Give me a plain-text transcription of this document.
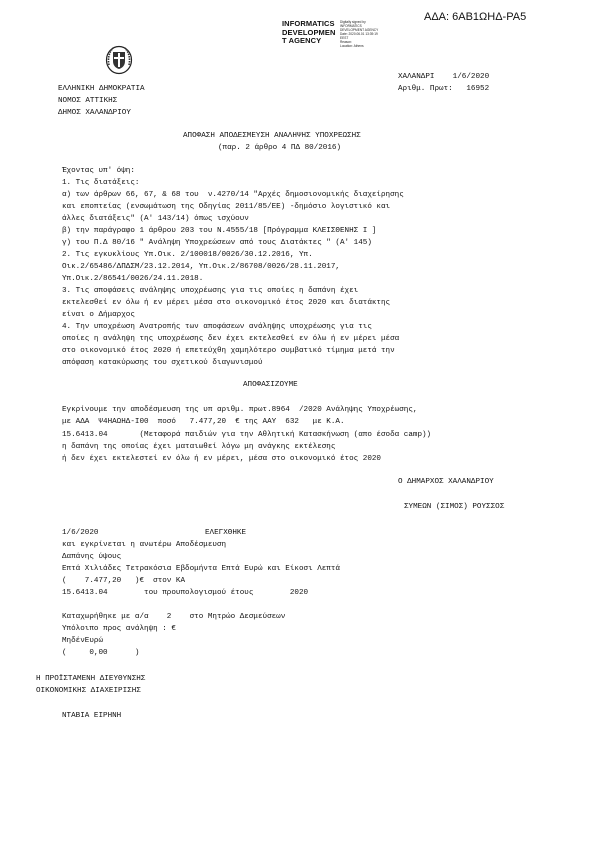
ΑΔΑ: 6ΑΒ1ΩΗΔ-ΡΑ5
INFORMATICS
DEVELOPMEN
T AGENCY
Digitally signed by
INFORMATICS
DEVELOPMENT AGENCY
Date: 2020.06.01 13:39:19
EEST
Reason:
Location: Athens
ΕΛΛΗΝΙΚΗ ΔΗΜΟΚΡΑΤΙΑ
ΝΟΜΟΣ ΑΤΤΙΚΗΣ
ΔΗΜΟΣ ΧΑΛΑΝΔΡΙΟΥ
ΧΑΛΑΝΔΡΙ    1/6/2020
Αριθμ. Πρωτ:   16952
ΑΠΟΦΑΣΗ ΑΠΟΔΕΣΜΕΥΣΗ ΑΝΑΛΗΨΗΣ ΥΠΟΧΡΕΩΣΗΣ
(παρ. 2 άρθρο 4 ΠΔ 80/2016)
Έχοντας υπ' όψη:
1. Τις διατάξεις:
α) των άρθρων 66, 67, & 68 του  ν.4270/14 "Αρχές δημοσιονομικής διαχείρησης
και εποπτείας (ενσωμάτωση της Οδηγίας 2011/85/ΕΕ) -δημόσιο λογιστικό και
άλλες διατάξεις" (Α' 143/14) όπως ισχύουν
β) την παράγραφο 1 άρθρου 203 του Ν.4555/18 [Πρόγραμμα ΚΛΕΙΣΘΕΝΗΣ Ι ]
γ) του Π.Δ 80/16 " Ανάληψη Υποχρεώσεων από τους Διατάκτες " (Α' 145)
2. Τις εγκυκλίους Υπ.Οικ. 2/100018/0026/30.12.2016, Υπ.
Οικ.2/65486/ΔΠΔΣΜ/23.12.2014, Υπ.Οικ.2/86708/0026/28.11.2017,
Υπ.Οικ.2/86541/0026/24.11.2018.
3. Τις αποφάσεις ανάληψης υποχρέωσης για τις οποίες η δαπάνη έχει
εκτελεσθεί εν όλω ή εν μέρει μέσα στο οικονομικό έτος 2020 και διατάκτης
είναι ο Δήμαρχος
4. Την υποχρέωση Ανατροπής των αποφάσεων ανάληψης υποχρέωσης για τις
οποίες η ανάληψη της υποχρέωσης δεν έχει εκτελεσθεί εν όλω ή εν μέρει μέσα
στο οικονομικό έτος 2020 ή επετεύχθη χαμηλότερο συμβατικό τίμημα μετά την
απόφαση κατακύρωσης του σχετικού διαγωνισμού
ΑΠΟΦΑΣΙΖΟΥΜΕ
Εγκρίνουμε την αποδέσμευση της υπ αριθμ. πρωτ.8964  /2020 Ανάληψης Υποχρέωσης,
με ΑΔΑ  Ψ4ΗΑΩΗΔ-Ι00  ποσό   7.477,20  € της ΑΑΥ  632   με Κ.Α.
15.6413.04       (Μεταφορά παιδιών για την Αθλητική Κατασκήνωση (απο έσοδα camp))
η δαπάνη της οποίας έχει ματαιωθεί λόγω μη ανάγκης εκτέλεσης
ή δεν έχει εκτελεστεί εν όλω ή εν μέρει, μέσα στο οικονομικό έτος 2020
Ο ΔΗΜΑΡΧΟΣ ΧΑΛΑΝΔΡΙΟΥ
ΣΥΜΕΩΝ (ΣΙΜΟΣ) ΡΟΥΣΣΟΣ
1/6/2020	ΕΛΕΓΧΘΗΚΕ
και εγκρίνεται η ανωτέρω Αποδέσμευση
Δαπάνης ύψους
Επτά Χιλιάδες Τετρακόσια Εβδομήντα Επτά Ευρώ και Είκοσι Λεπτά
(    7.477,20   )€  στον ΚΑ
15.6413.04        του προυπολογισμού έτους        2020
Καταχωρήθηκε με α/α    2    στο Μητρώο Δεσμεύσεων
Υπόλοιπο προς ανάληψη : €
ΜηδένΕυρώ
(     0,00      )
Η ΠΡΟΪΣΤΑΜΕΝΗ ΔΙΕΥΘΥΝΣΗΣ
ΟΙΚΟΝΟΜΙΚΗΣ ΔΙΑΧΕΙΡΙΣΗΣ
ΝΤΑΒΙΑ ΕΙΡΗΝΗ
